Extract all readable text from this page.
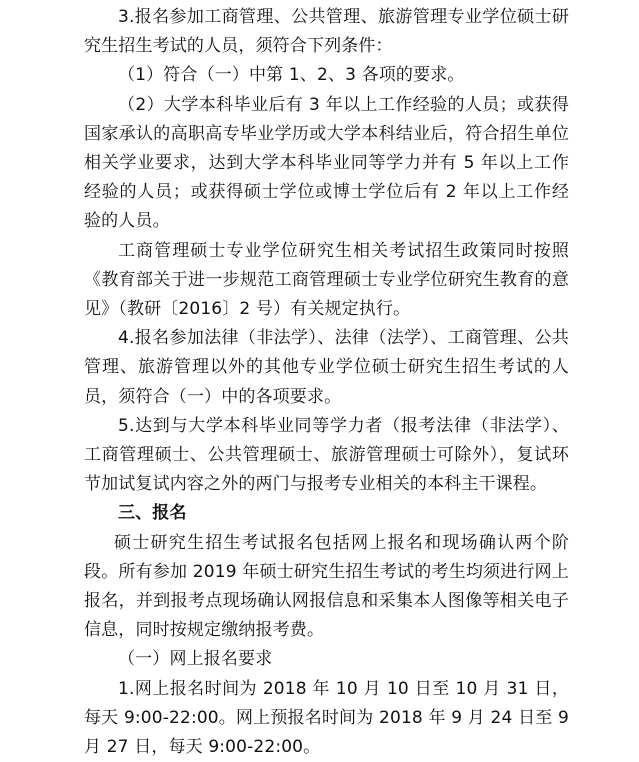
3.报名参加工商管理、公共管理、旅游管理专业学位硕士研究生招生考试的人员，须符合下列条件：

（1）符合（一）中第 1、2、3 各项的要求。

（2）大学本科毕业后有 3 年以上工作经验的人员；或获得国家承认的高职高专毕业学历或大学本科结业后，符合招生单位相关学业要求，达到大学本科毕业同等学力并有 5 年以上工作经验的人员；或获得硕士学位或博士学位后有 2 年以上工作经验的人员。

工商管理硕士专业学位研究生相关考试招生政策同时按照《教育部关于进一步规范工商管理硕士专业学位研究生教育的意见》（教研〔2016〕2 号）有关规定执行。

4.报名参加法律（非法学）、法律（法学）、工商管理、公共管理、旅游管理以外的其他专业学位硕士研究生招生考试的人员，须符合（一）中的各项要求。

5.达到与大学本科毕业同等学力者（报考法律（非法学）、工商管理硕士、公共管理硕士、旅游管理硕士可除外），复试环节加试复试内容之外的两门与报考专业相关的本科主干课程。

三、报名

硕士研究生招生考试报名包括网上报名和现场确认两个阶段。所有参加 2019 年硕士研究生招生考试的考生均须进行网上报名，并到报考点现场确认网报信息和采集本人图像等相关电子信息，同时按规定缴纳报考费。

（一）网上报名要求

1.网上报名时间为 2018 年 10 月 10 日至 10 月 31 日，每天 9:00-22:00。网上预报名时间为 2018 年 9 月 24 日至 9 月 27 日，每天 9:00-22:00。
